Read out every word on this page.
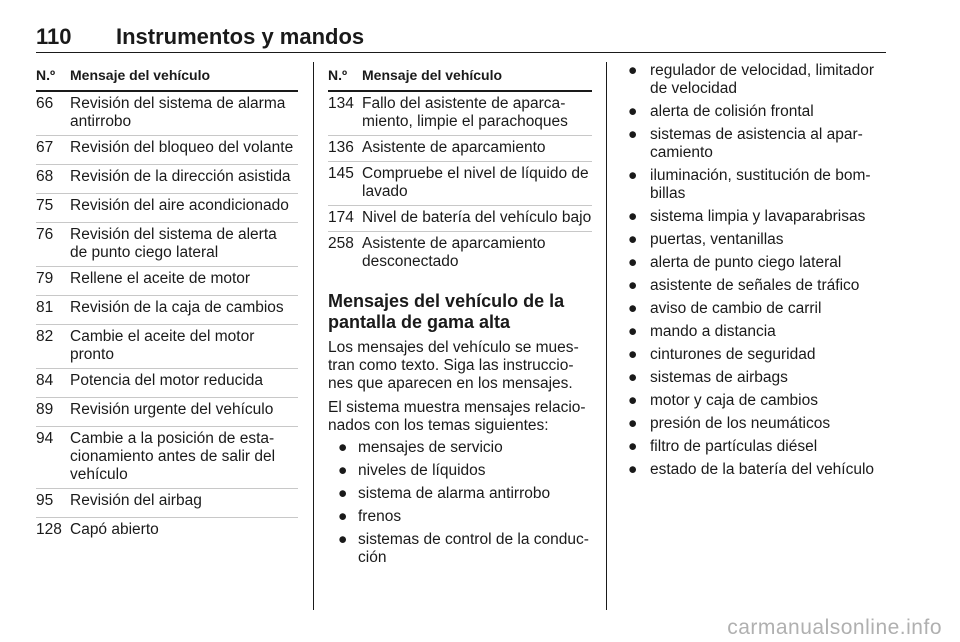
110 Instrumentos y mandos
N.º	Mensaje del vehículo
66	Revisión del sistema de alarma antirrobo
67	Revisión del bloqueo del volante
68	Revisión de la dirección asistida
75	Revisión del aire acondicionado
76	Revisión del sistema de alerta de punto ciego lateral
79	Rellene el aceite de motor
81	Revisión de la caja de cambios
82	Cambie el aceite del motor pronto
84	Potencia del motor reducida
89	Revisión urgente del vehículo
94	Cambie a la posición de estacionamiento antes de salir del vehículo
95	Revisión del airbag
128	Capó abierto
N.º	Mensaje del vehículo
134	Fallo del asistente de aparcamiento, limpie el parachoques
136	Asistente de aparcamiento
145	Compruebe el nivel de líquido de lavado
174	Nivel de batería del vehículo bajo
258	Asistente de aparcamiento desconectado
Mensajes del vehículo de la pantalla de gama alta

Los mensajes del vehículo se muestran como texto. Siga las instrucciones que aparecen en los mensajes.

El sistema muestra mensajes relacionados con los temas siguientes:

● mensajes de servicio
● niveles de líquidos
● sistema de alarma antirrobo
● frenos
● sistemas de control de la conducción
● regulador de velocidad, limitador de velocidad
● alerta de colisión frontal
● sistemas de asistencia al aparcamiento
● iluminación, sustitución de bombillas
● sistema limpia y lavaparabrisas
● puertas, ventanillas
● alerta de punto ciego lateral
● asistente de señales de tráfico
● aviso de cambio de carril
● mando a distancia
● cinturones de seguridad
● sistemas de airbags
● motor y caja de cambios
● presión de los neumáticos
● filtro de partículas diésel
● estado de la batería del vehículo
carmanualsonline.info
